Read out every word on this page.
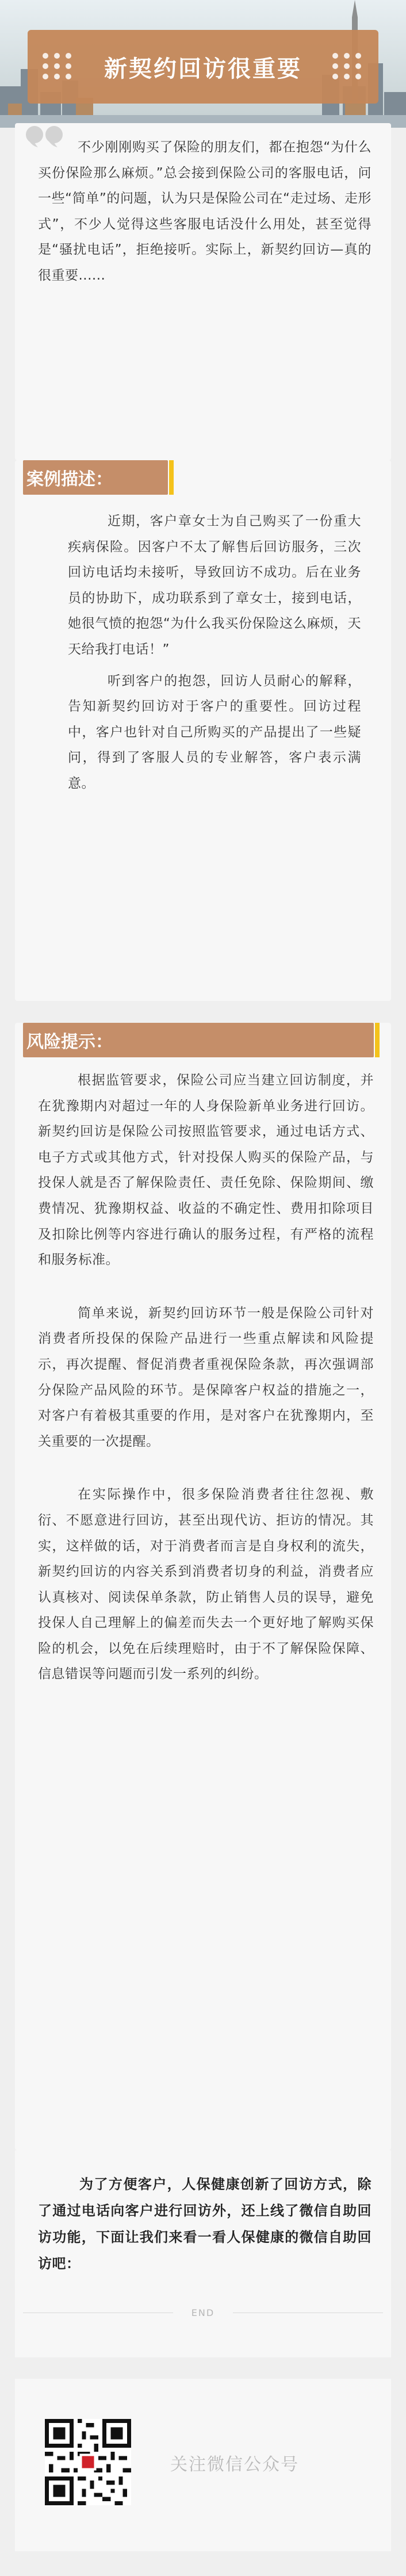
新契约回访很重要
不少刚刚购买了保险的朋友们，都在抱怨“为什么买份保险那么麻烦。”总会接到保险公司的客服电话，问一些“简单”的问题，认为只是保险公司在“走过场、走形式”，不少人觉得这些客服电话没什么用处，甚至觉得是“骚扰电话”，拒绝接听。实际上，新契约回访—真的很重要......
案例描述：

近期，客户章女士为自己购买了一份重大疾病保险。因客户不太了解售后回访服务，三次回访电话均未接听，导致回访不成功。后在业务员的协助下，成功联系到了章女士，接到电话，她很气愤的抱怨“为什么我买份保险这么麻烦，天天给我打电话！”

听到客户的抱怨，回访人员耐心的解释，告知新契约回访对于客户的重要性。回访过程中，客户也针对自己所购买的产品提出了一些疑问，得到了客服人员的专业解答，客户表示满意。

风险提示：

根据监管要求，保险公司应当建立回访制度，并在犹豫期内对超过一年的人身保险新单业务进行回访。新契约回访是保险公司按照监管要求，通过电话方式、电子方式或其他方式，针对投保人购买的保险产品，与投保人就是否了解保险责任、责任免除、保险期间、缴费情况、犹豫期权益、收益的不确定性、费用扣除项目及扣除比例等内容进行确认的服务过程，有严格的流程和服务标准。

简单来说，新契约回访环节一般是保险公司针对消费者所投保的保险产品进行一些重点解读和风险提示，再次提醒、督促消费者重视保险条款，再次强调部分保险产品风险的环节。是保障客户权益的措施之一，对客户有着极其重要的作用，是对客户在犹豫期内，至关重要的一次提醒。

在实际操作中，很多保险消费者往往忽视、敷衍、不愿意进行回访，甚至出现代访、拒访的情况。其实，这样做的话，对于消费者而言是自身权利的流失，新契约回访的内容关系到消费者切身的利益，消费者应认真核对、阅读保单条款，防止销售人员的误导，避免投保人自己理解上的偏差而失去一个更好地了解购买保险的机会，以免在后续理赔时，由于不了解保险保障、信息错误等问题而引发一系列的纠纷。

为了方便客户，人保健康创新了回访方式，除了通过电话向客户进行回访外，还上线了微信自助回访功能，下面让我们来看一看人保健康的微信自助回访吧：
END
关注微信公众号
